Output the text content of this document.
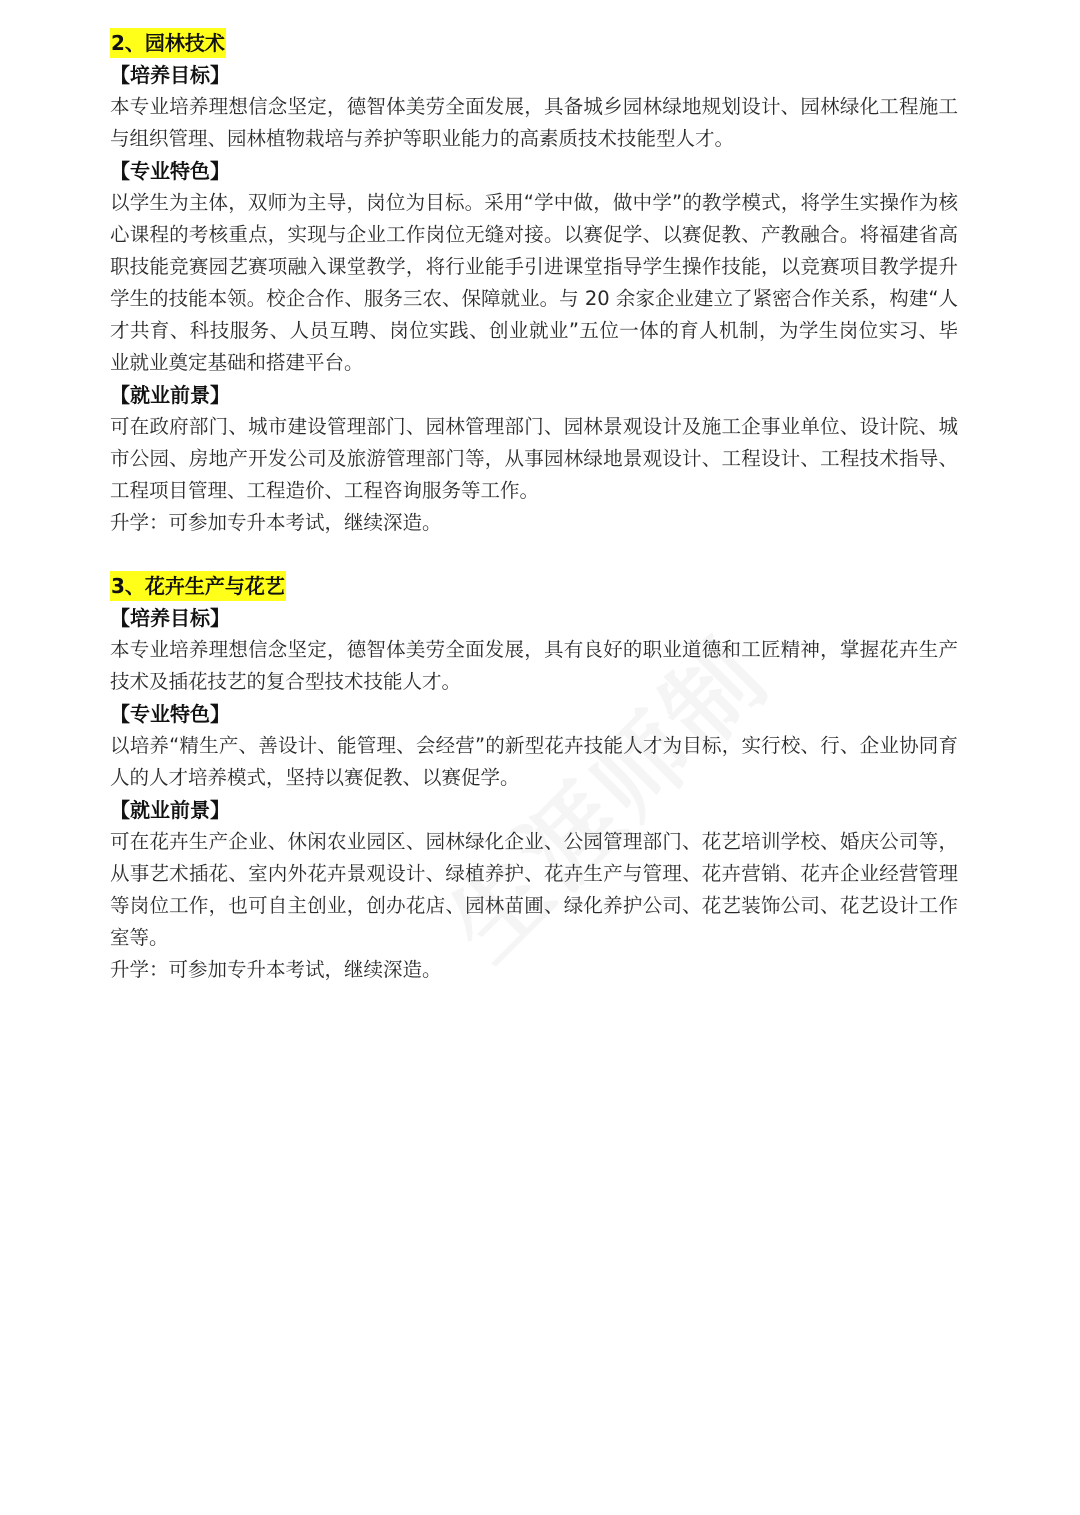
2、园林技术
【培养目标】

本专业培养理想信念坚定，德智体美劳全面发展，具备城乡园林绿地规划设计、园林绿化工程施工与组织管理、园林植物栽培与养护等职业能力的高素质技术技能型人才。

【专业特色】

以学生为主体，双师为主导，岗位为目标。采用“学中做，做中学”的教学模式，将学生实操作为核心课程的考核重点，实现与企业工作岗位无缝对接。以赛促学、以赛促教、产教融合。将福建省高职技能竞赛园艺赛项融入课堂教学，将行业能手引进课堂指导学生操作技能，以竞赛项目教学提升学生的技能本领。校企合作、服务三农、保障就业。与 20 余家企业建立了紧密合作关系，构建“人才共育、科技服务、人员互聘、岗位实践、创业就业”五位一体的育人机制，为学生岗位实习、毕业就业奠定基础和搭建平台。

【就业前景】

可在政府部门、城市建设管理部门、园林管理部门、园林景观设计及施工企事业单位、设计院、城市公园、房地产开发公司及旅游管理部门等，从事园林绿地景观设计、工程设计、工程技术指导、工程项目管理、工程造价、工程咨询服务等工作。

升学：可参加专升本考试，继续深造。

3、花卉生产与花艺
【培养目标】

本专业培养理想信念坚定，德智体美劳全面发展，具有良好的职业道德和工匠精神，掌握花卉生产技术及插花技艺的复合型技术技能人才。

【专业特色】

以培养“精生产、善设计、能管理、会经营”的新型花卉技能人才为目标，实行校、行、企业协同育人的人才培养模式，坚持以赛促教、以赛促学。

【就业前景】

可在花卉生产企业、休闲农业园区、园林绿化企业、公园管理部门、花艺培训学校、婚庆公司等，从事艺术插花、室内外花卉景观设计、绿植养护、花卉生产与管理、花卉营销、花卉企业经营管理等岗位工作，也可自主创业，创办花店、园林苗圃、绿化养护公司、花艺装饰公司、花艺设计工作室等。

升学：可参加专升本考试，继续深造。
